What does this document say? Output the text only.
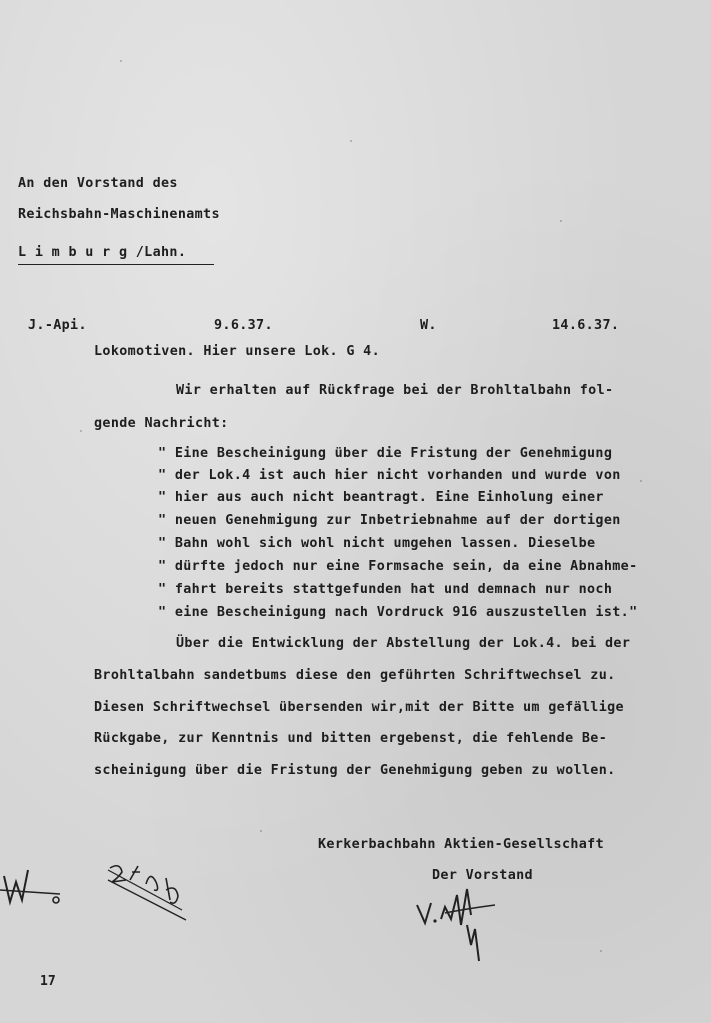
An den Vorstand des
Reichsbahn-Maschinenamts
L i m b u r g /Lahn.
J.-Api.	9.6.37.	W.	14.6.37.
Lokomotiven. Hier unsere Lok. G 4.
Wir erhalten auf Rückfrage bei der Brohltalbahn fol-
gende Nachricht:
" Eine Bescheinigung über die Fristung der Genehmigung
" der Lok.4 ist auch hier nicht vorhanden und wurde von
" hier aus auch nicht beantragt. Eine Einholung einer
" neuen Genehmigung zur Inbetriebnahme auf der dortigen
" Bahn wohl sich wohl nicht umgehen lassen. Dieselbe
" dürfte jedoch nur eine Formsache sein, da eine Abnahme-
" fahrt bereits stattgefunden hat und demnach nur noch
" eine Bescheinigung nach Vordruck 916 auszustellen ist."
Über die Entwicklung der Abstellung der Lok.4. bei der
Brohltalbahn sandetbums diese den geführten Schriftwechsel zu.
Diesen Schriftwechsel übersenden wir,mit der Bitte um gefällige
Rückgabe, zur Kenntnis und bitten ergebenst, die fehlende Be-
scheinigung über die Fristung der Genehmigung geben zu wollen.
Kerkerbachbahn Aktien-Gesellschaft
Der Vorstand
17
